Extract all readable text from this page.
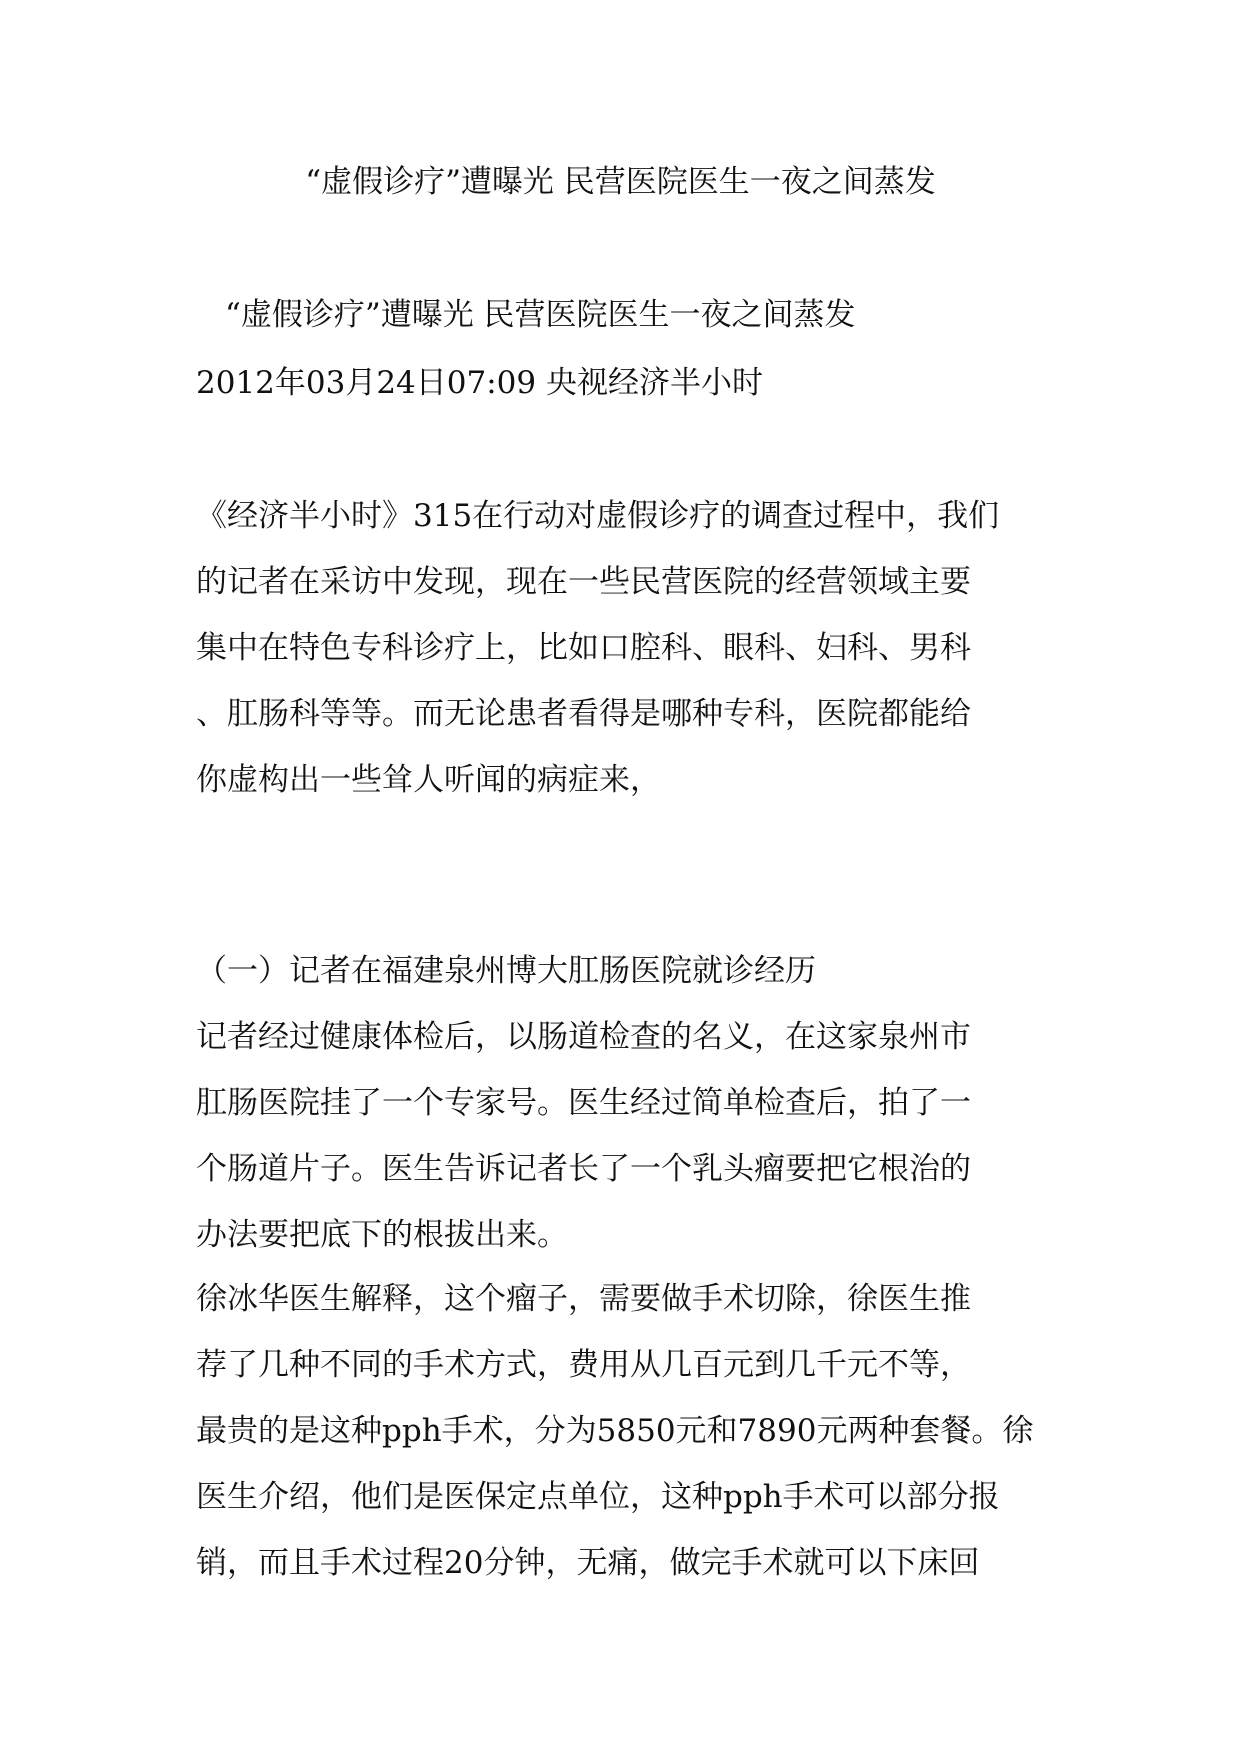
“虚假诊疗”遭曝光 民营医院医生一夜之间蒸发

“虚假诊疗”遭曝光 民营医院医生一夜之间蒸发

2012年03月24日07:09 央视经济半小时

《经济半小时》315在行动对虚假诊疗的调查过程中，我们
的记者在采访中发现，现在一些民营医院的经营领域主要
集中在特色专科诊疗上，比如口腔科、眼科、妇科、男科
、肛肠科等等。而无论患者看得是哪种专科，医院都能给
你虚构出一些耸人听闻的病症来，

（一）记者在福建泉州博大肛肠医院就诊经历

记者经过健康体检后，以肠道检查的名义，在这家泉州市
肛肠医院挂了一个专家号。医生经过简单检查后，拍了一
个肠道片子。医生告诉记者长了一个乳头瘤要把它根治的
办法要把底下的根拔出来。

徐冰华医生解释，这个瘤子，需要做手术切除，徐医生推
荐了几种不同的手术方式，费用从几百元到几千元不等，
最贵的是这种pph手术，分为5850元和7890元两种套餐。徐
医生介绍，他们是医保定点单位，这种pph手术可以部分报
销，而且手术过程20分钟，无痛，做完手术就可以下床回
